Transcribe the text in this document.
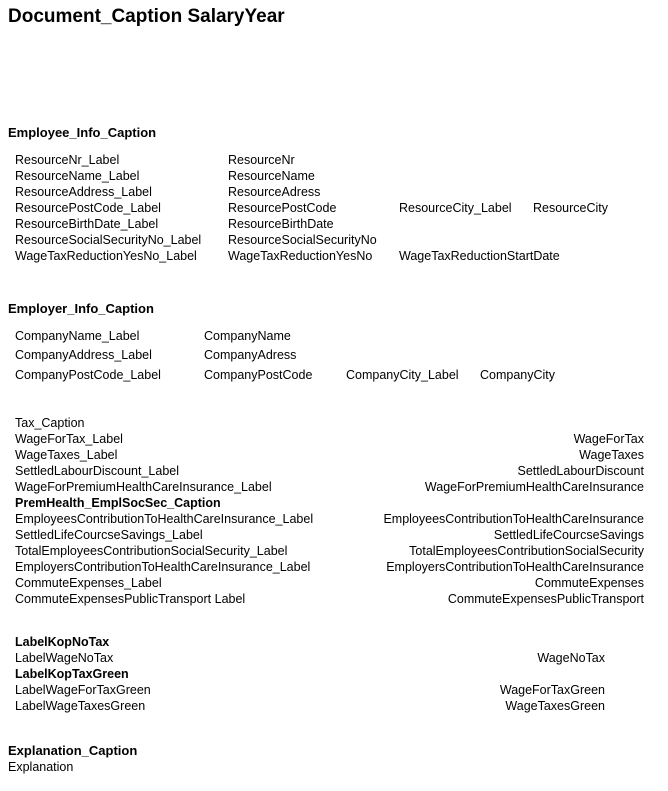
Document_Caption SalaryYear
Employee_Info_Caption
ResourceNr_Label	ResourceNr
ResourceName_Label	ResourceName
ResourceAddress_Label	ResourceAdress
ResourcePostCode_Label	ResourcePostCode	ResourceCity_Label ResourceCity
ResourceBirthDate_Label	ResourceBirthDate
ResourceSocialSecurityNo_Label ResourceSocialSecurityNo
WageTaxReductionYesNo_Label WageTaxReductionYesNo WageTaxReductionStartDate
Employer_Info_Caption
CompanyName_Label	CompanyName
CompanyAddress_Label	CompanyAdress
CompanyPostCode_Label	CompanyPostCode	CompanyCity_Label CompanyCity
Tax_Caption
WageForTax_Label	WageForTax
WageTaxes_Label	WageTaxes
SettledLabourDiscount_Label	SettledLabourDiscount
WageForPremiumHealthCareInsurance_Label	WageForPremiumHealthCareInsurance
PremHealth_EmplSocSec_Caption
EmployeesContributionToHealthCareInsurance_Label	EmployeesContributionToHealthCareInsurance
SettledLifeCourcseSavings_Label	SettledLifeCourcseSavings
TotalEmployeesContributionSocialSecurity_Label	TotalEmployeesContributionSocialSecurity
EmployersContributionToHealthCareInsurance_Label	EmployersContributionToHealthCareInsurance
CommuteExpenses_Label	CommuteExpenses
CommuteExpensesPublicTransport Label	CommuteExpensesPublicTransport
LabelKopNoTax
LabelWageNoTax	WageNoTax
LabelKopTaxGreen
LabelWageForTaxGreen	WageForTaxGreen
LabelWageTaxesGreen	WageTaxesGreen
Explanation_Caption
Explanation
